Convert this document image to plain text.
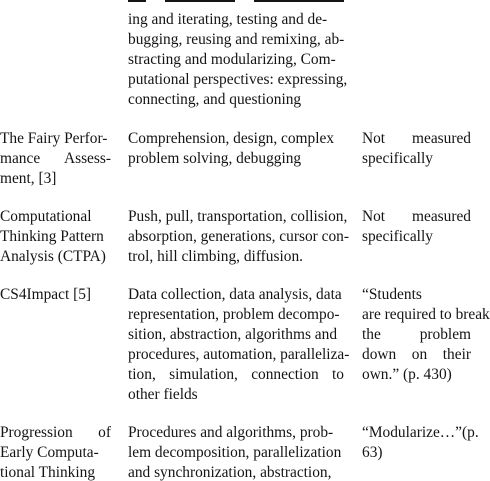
ing and iterating, testing and de-
bugging, reusing and remixing, ab-
stracting and modularizing, Com-
putational perspectives: expressing,
connecting, and questioning
The Fairy Perfor-
mance Assess-
ment, [3]
Comprehension, design, complex
problem solving, debugging
Not measured
specifically
Computational
Thinking Pattern
Analysis (CTPA)
Push, pull, transportation, collision,
absorption, generations, cursor con-
trol, hill climbing, diffusion.
Not measured
specifically
CS4Impact [5] Data collection, data analysis, data
representation, problem decompo-
sition, abstraction, algorithms and
procedures, automation, paralleliza-
tion, simulation, connection to
other fields
“Students
are required to break
the	problem
down on their
own.” (p. 430)
Progression of
Early Computa-
tional Thinking
Procedures and algorithms, prob-
lem decomposition, parallelization
and synchronization, abstraction,
“Modularize…”(p.
63)
